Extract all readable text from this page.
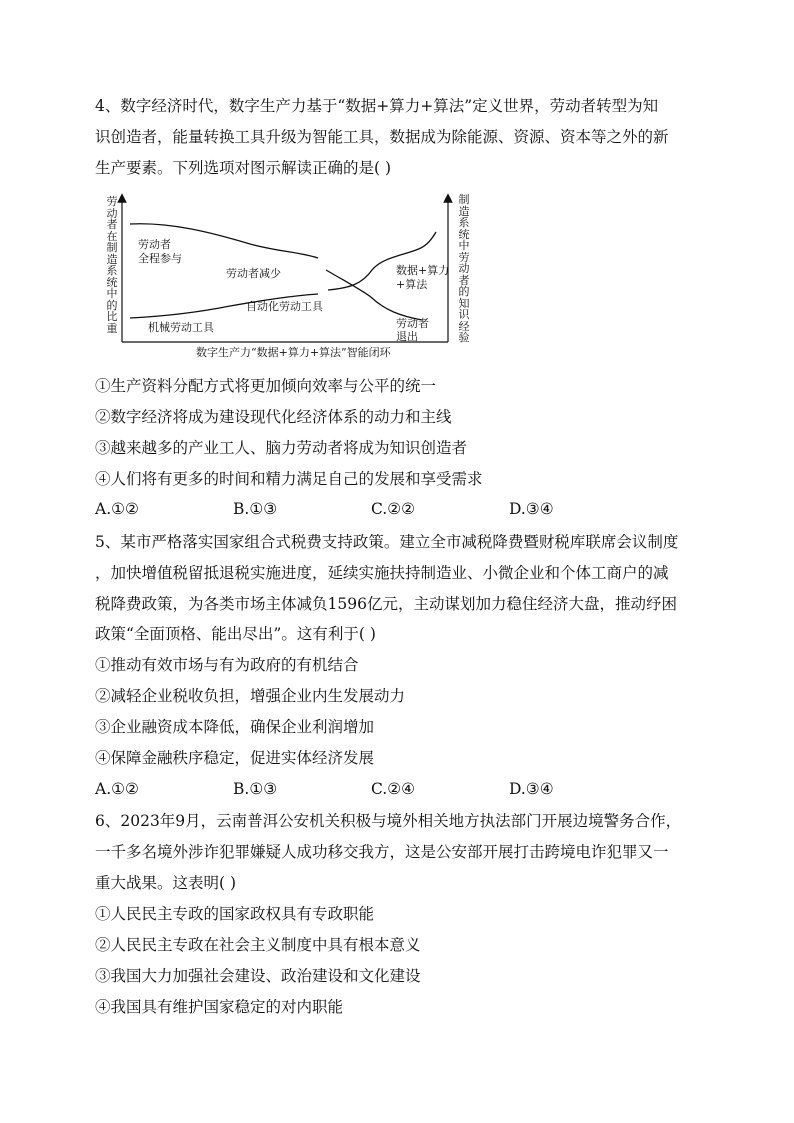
4、数字经济时代，数字生产力基于“数据+算力+算法”定义世界，劳动者转型为知
识创造者，能量转换工具升级为智能工具，数据成为除能源、资源、资本等之外的新
生产要素。下列选项对图示解读正确的是( )
劳动者在制造系统中的比重
制造系统中劳动者的知识经验
劳动者
全程参与
劳动者减少
自动化劳动工具
机械劳动工具
数据+算力
+算法
劳动者
退出
数字生产力“数据+算力+算法”智能闭环
①生产资料分配方式将更加倾向效率与公平的统一
②数字经济将成为建设现代化经济体系的动力和主线
③越来越多的产业工人、脑力劳动者将成为知识创造者
④人们将有更多的时间和精力满足自己的发展和享受需求
A.①②	B.①③	C.②②	D.③④
5、某市严格落实国家组合式税费支持政策。建立全市减税降费暨财税库联席会议制度
，加快增值税留抵退税实施进度，延续实施扶持制造业、小微企业和个体工商户的减
税降费政策，为各类市场主体减负1596亿元，主动谋划加力稳住经济大盘，推动纾困
政策“全面顶格、能出尽出”。这有利于( )
①推动有效市场与有为政府的有机结合
②减轻企业税收负担，增强企业内生发展动力
③企业融资成本降低，确保企业利润增加
④保障金融秩序稳定，促进实体经济发展
A.①②	B.①③	C.②④	D.③④
6、2023年9月，云南普洱公安机关积极与境外相关地方执法部门开展边境警务合作，
一千多名境外涉诈犯罪嫌疑人成功移交我方，这是公安部开展打击跨境电诈犯罪又一
重大战果。这表明( )
①人民民主专政的国家政权具有专政职能
②人民民主专政在社会主义制度中具有根本意义
③我国大力加强社会建设、政治建设和文化建设
④我国具有维护国家稳定的对内职能
